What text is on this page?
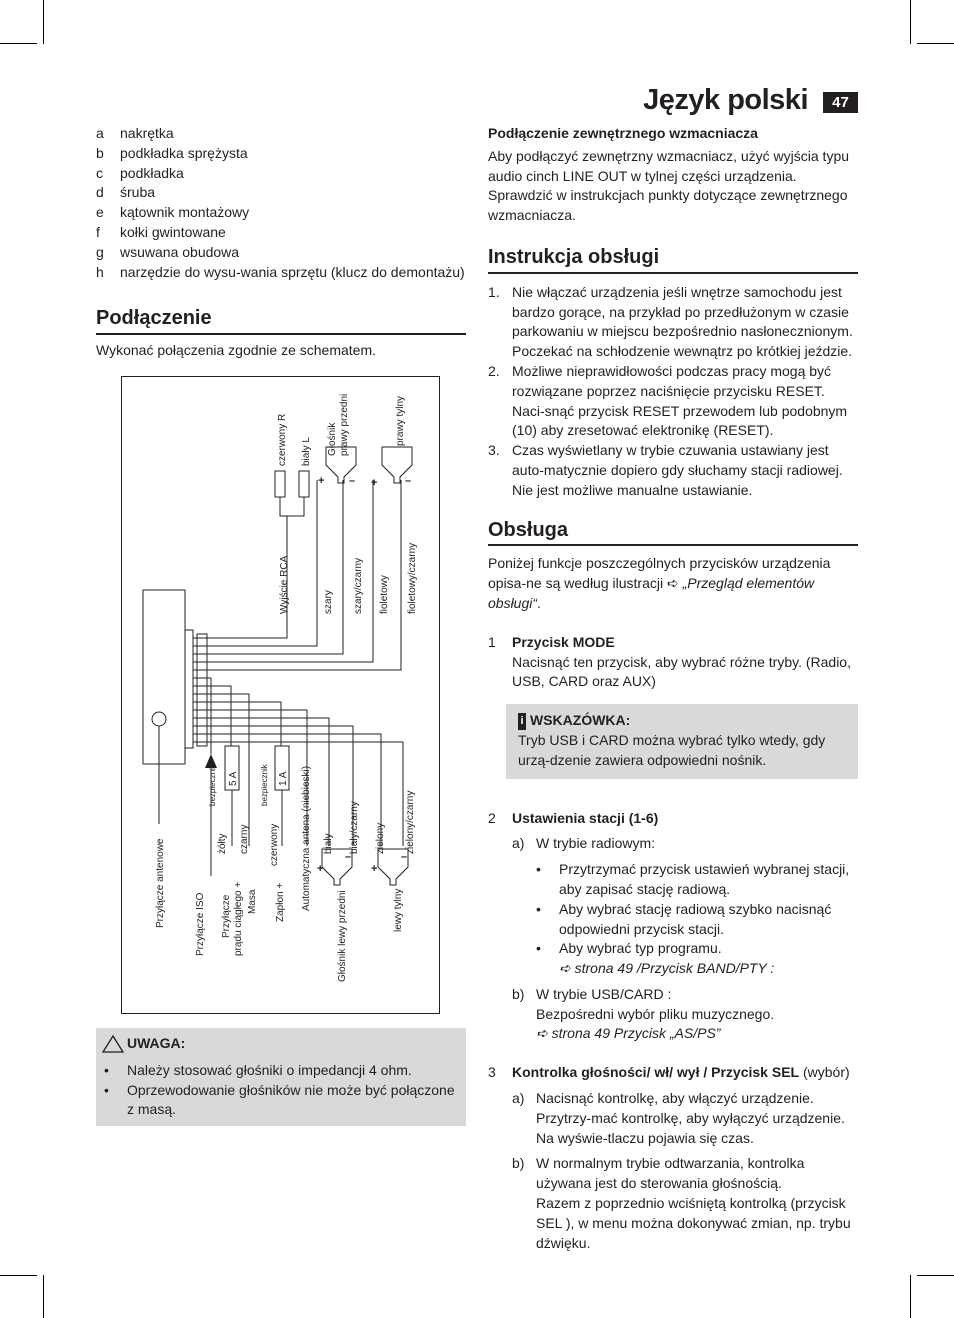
Język polski	47
a	nakrętka
b	podkładka sprężysta
c	podkładka
d	śruba
e	kątownik montażowy
f	kołki gwintowane
g	wsuwana obudowa
h	narzędzie do wysu-wania sprzętu (klucz do demontażu)
Podłączenie

Wykonać połączenia zgodnie ze schematem.

Wyjście RCA
czerwony R biały L Głośnik prawy przedni	prawy tylny
szary szary/czarny fioletowy fioletowy/czarny
Przyłącze antenowe	Przyłącze ISO
żółty
Przyłącze prądu ciągłego +
czarny
Masa
czerwony
Zapłon + Automatyczna antena (niebieski) biały biały/czarny
Głośnik lewy przedni
zielony zielony/czarny
lewy tylny
bezpiecznik	bezpiecznik
5 A	1 A
+ – +	–
+
–
+
–
UWAGA:
•	Należy stosować głośniki o impedancji 4 ohm.
•	Oprzewodowanie głośników nie może być połączone z masą.

Podłączenie zewnętrznego wzmacniacza

Aby podłączyć zewnętrzny wzmacniacz, użyć wyjścia typu audio cinch LINE OUT w tylnej części urządzenia. Sprawdzić w instrukcjach punkty dotyczące zewnętrznego wzmacniacza.

Instrukcja obsługi
1. Nie włączać urządzenia jeśli wnętrze samochodu jest bardzo gorące, na przykład po przedłużonym w czasie parkowaniu w miejscu bezpośrednio nasłonecznionym. Poczekać na schłodzenie wewnątrz po krótkiej jeździe.
2. Możliwe nieprawidłowości podczas pracy mogą być rozwiązane poprzez naciśnięcie przycisku RESET. Naci-snąć przycisk RESET przewodem lub podobnym (10) aby zresetować elektronikę (RESET).
3. Czas wyświetlany w trybie czuwania ustawiany jest auto-matycznie dopiero gdy słuchamy stacji radiowej. Nie jest możliwe manualne ustawianie.
Obsługa

Poniżej funkcje poszczególnych przycisków urządzenia opisa-ne są według ilustracji ➪ „Przegląd elementów obsługi“.

1	Przycisk MODE
Nacisnąć ten przycisk, aby wybrać różne tryby. (Radio, USB, CARD oraz AUX)
i WSKAZÓWKA:
Tryb USB i CARD można wybrać tylko wtedy, gdy urzą-dzenie zawiera odpowiedni nośnik.
2	Ustawienia stacji (1-6)
a) W trybie radiowym:
•	Przytrzymać przycisk ustawień wybranej stacji, aby zapisać stację radiową.
•	Aby wybrać stację radiową szybko nacisnąć odpowiedni przycisk stacji.
•	Aby wybrać typ programu.
➪ strona 49 /Przycisk BAND/PTY :
b) W trybie USB/CARD :
Bezpośredni wybór pliku muzycznego.
➪ strona 49 Przycisk „AS/PS”
3	Kontrolka głośności/ wł/ wył / Przycisk SEL (wybór)
a) Nacisnąć kontrolkę, aby włączyć urządzenie. Przytrzy-mać kontrolkę, aby wyłączyć urządzenie. Na wyświe-tlaczu pojawia się czas.
b) W normalnym trybie odtwarzania, kontrolka używana jest do sterowania głośnością.
Razem z poprzednio wciśniętą kontrolką (przycisk SEL ), w menu można dokonywać zmian, np. trybu dźwięku.
